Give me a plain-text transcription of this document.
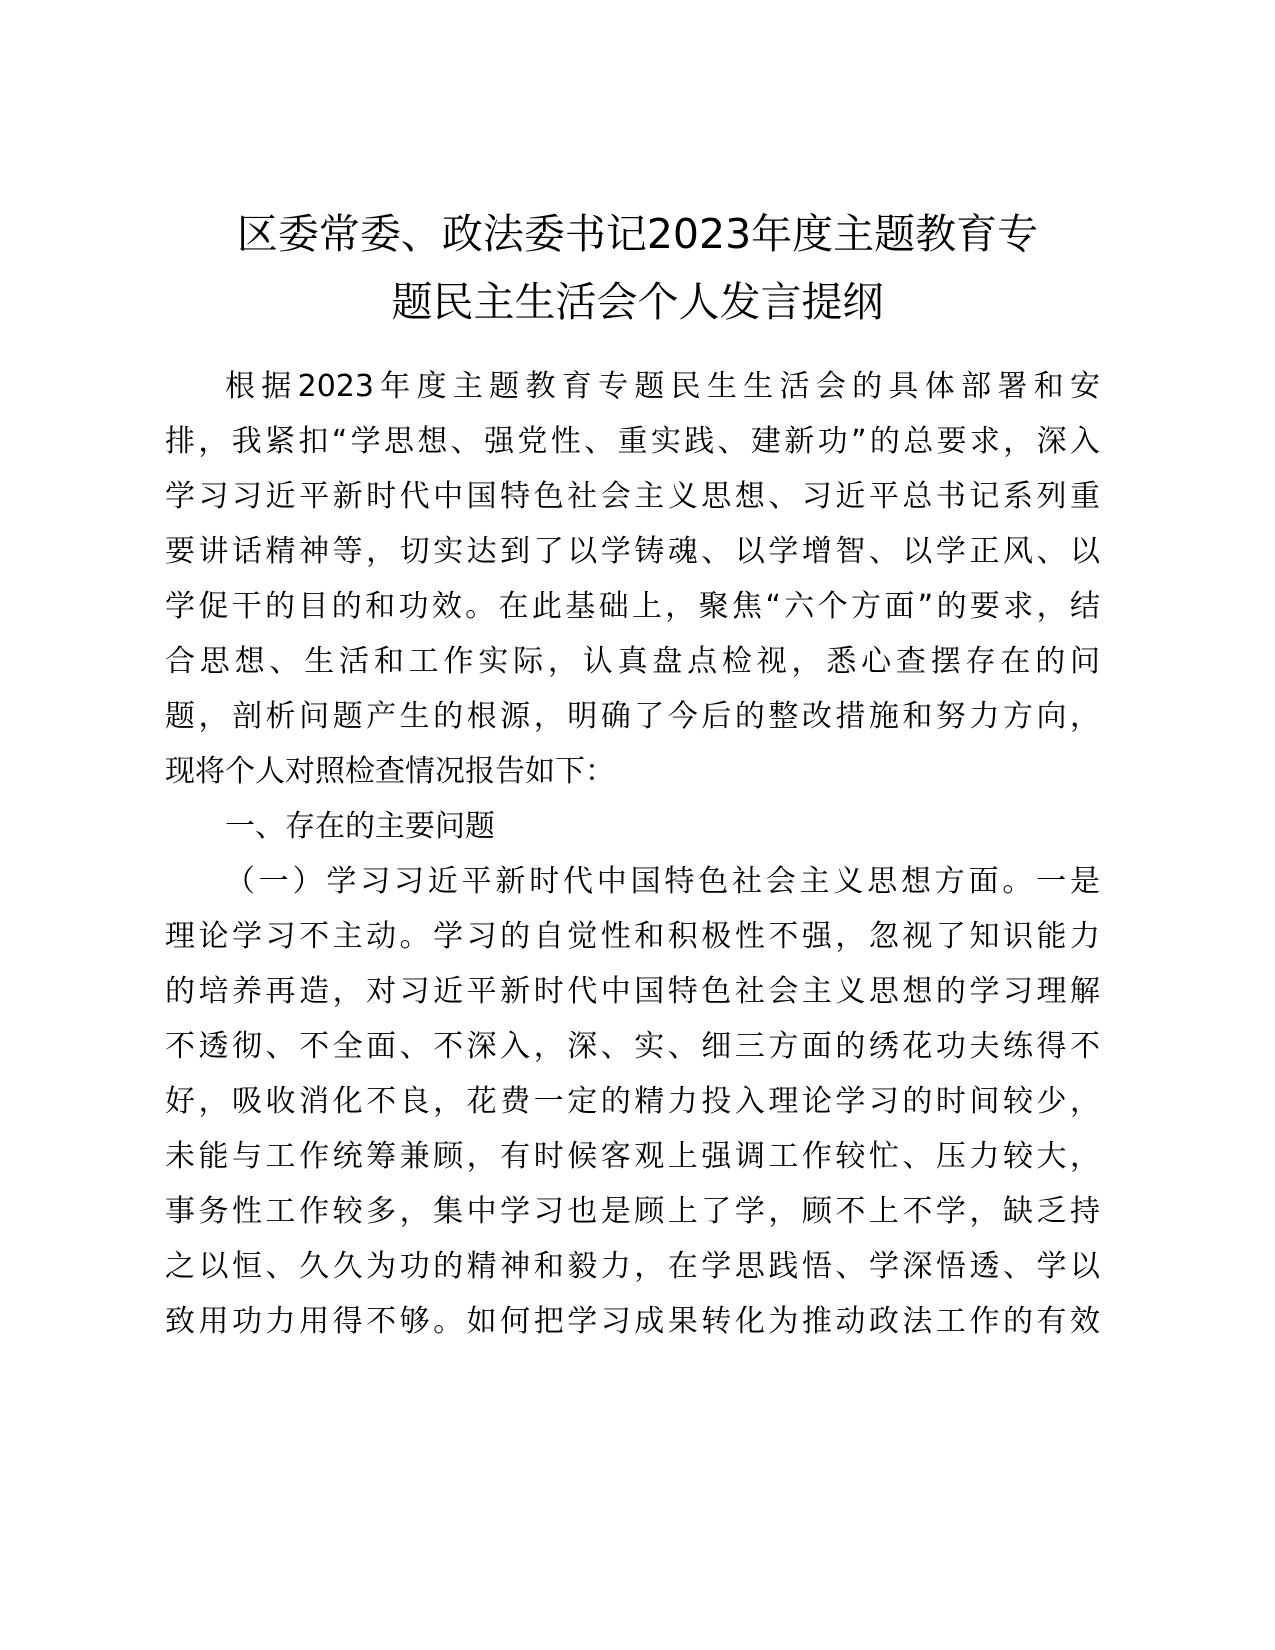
区委常委、政法委书记2023年度主题教育专
题民主生活会个人发言提纲

根据2023年度主题教育专题民生生活会的具体部署和安

排，我紧扣“学思想、强党性、重实践、建新功”的总要求，深入

学习习近平新时代中国特色社会主义思想、习近平总书记系列重

要讲话精神等，切实达到了以学铸魂、以学增智、以学正风、以

学促干的目的和功效。在此基础上，聚焦“六个方面”的要求，结

合思想、生活和工作实际，认真盘点检视，悉心查摆存在的问

题，剖析问题产生的根源，明确了今后的整改措施和努力方向，

现将个人对照检查情况报告如下：

一、存在的主要问题

（一）学习习近平新时代中国特色社会主义思想方面。一是

理论学习不主动。学习的自觉性和积极性不强，忽视了知识能力

的培养再造，对习近平新时代中国特色社会主义思想的学习理解

不透彻、不全面、不深入，深、实、细三方面的绣花功夫练得不

好，吸收消化不良，花费一定的精力投入理论学习的时间较少，

未能与工作统筹兼顾，有时候客观上强调工作较忙、压力较大，

事务性工作较多，集中学习也是顾上了学，顾不上不学，缺乏持

之以恒、久久为功的精神和毅力，在学思践悟、学深悟透、学以

致用功力用得不够。如何把学习成果转化为推动政法工作的有效
